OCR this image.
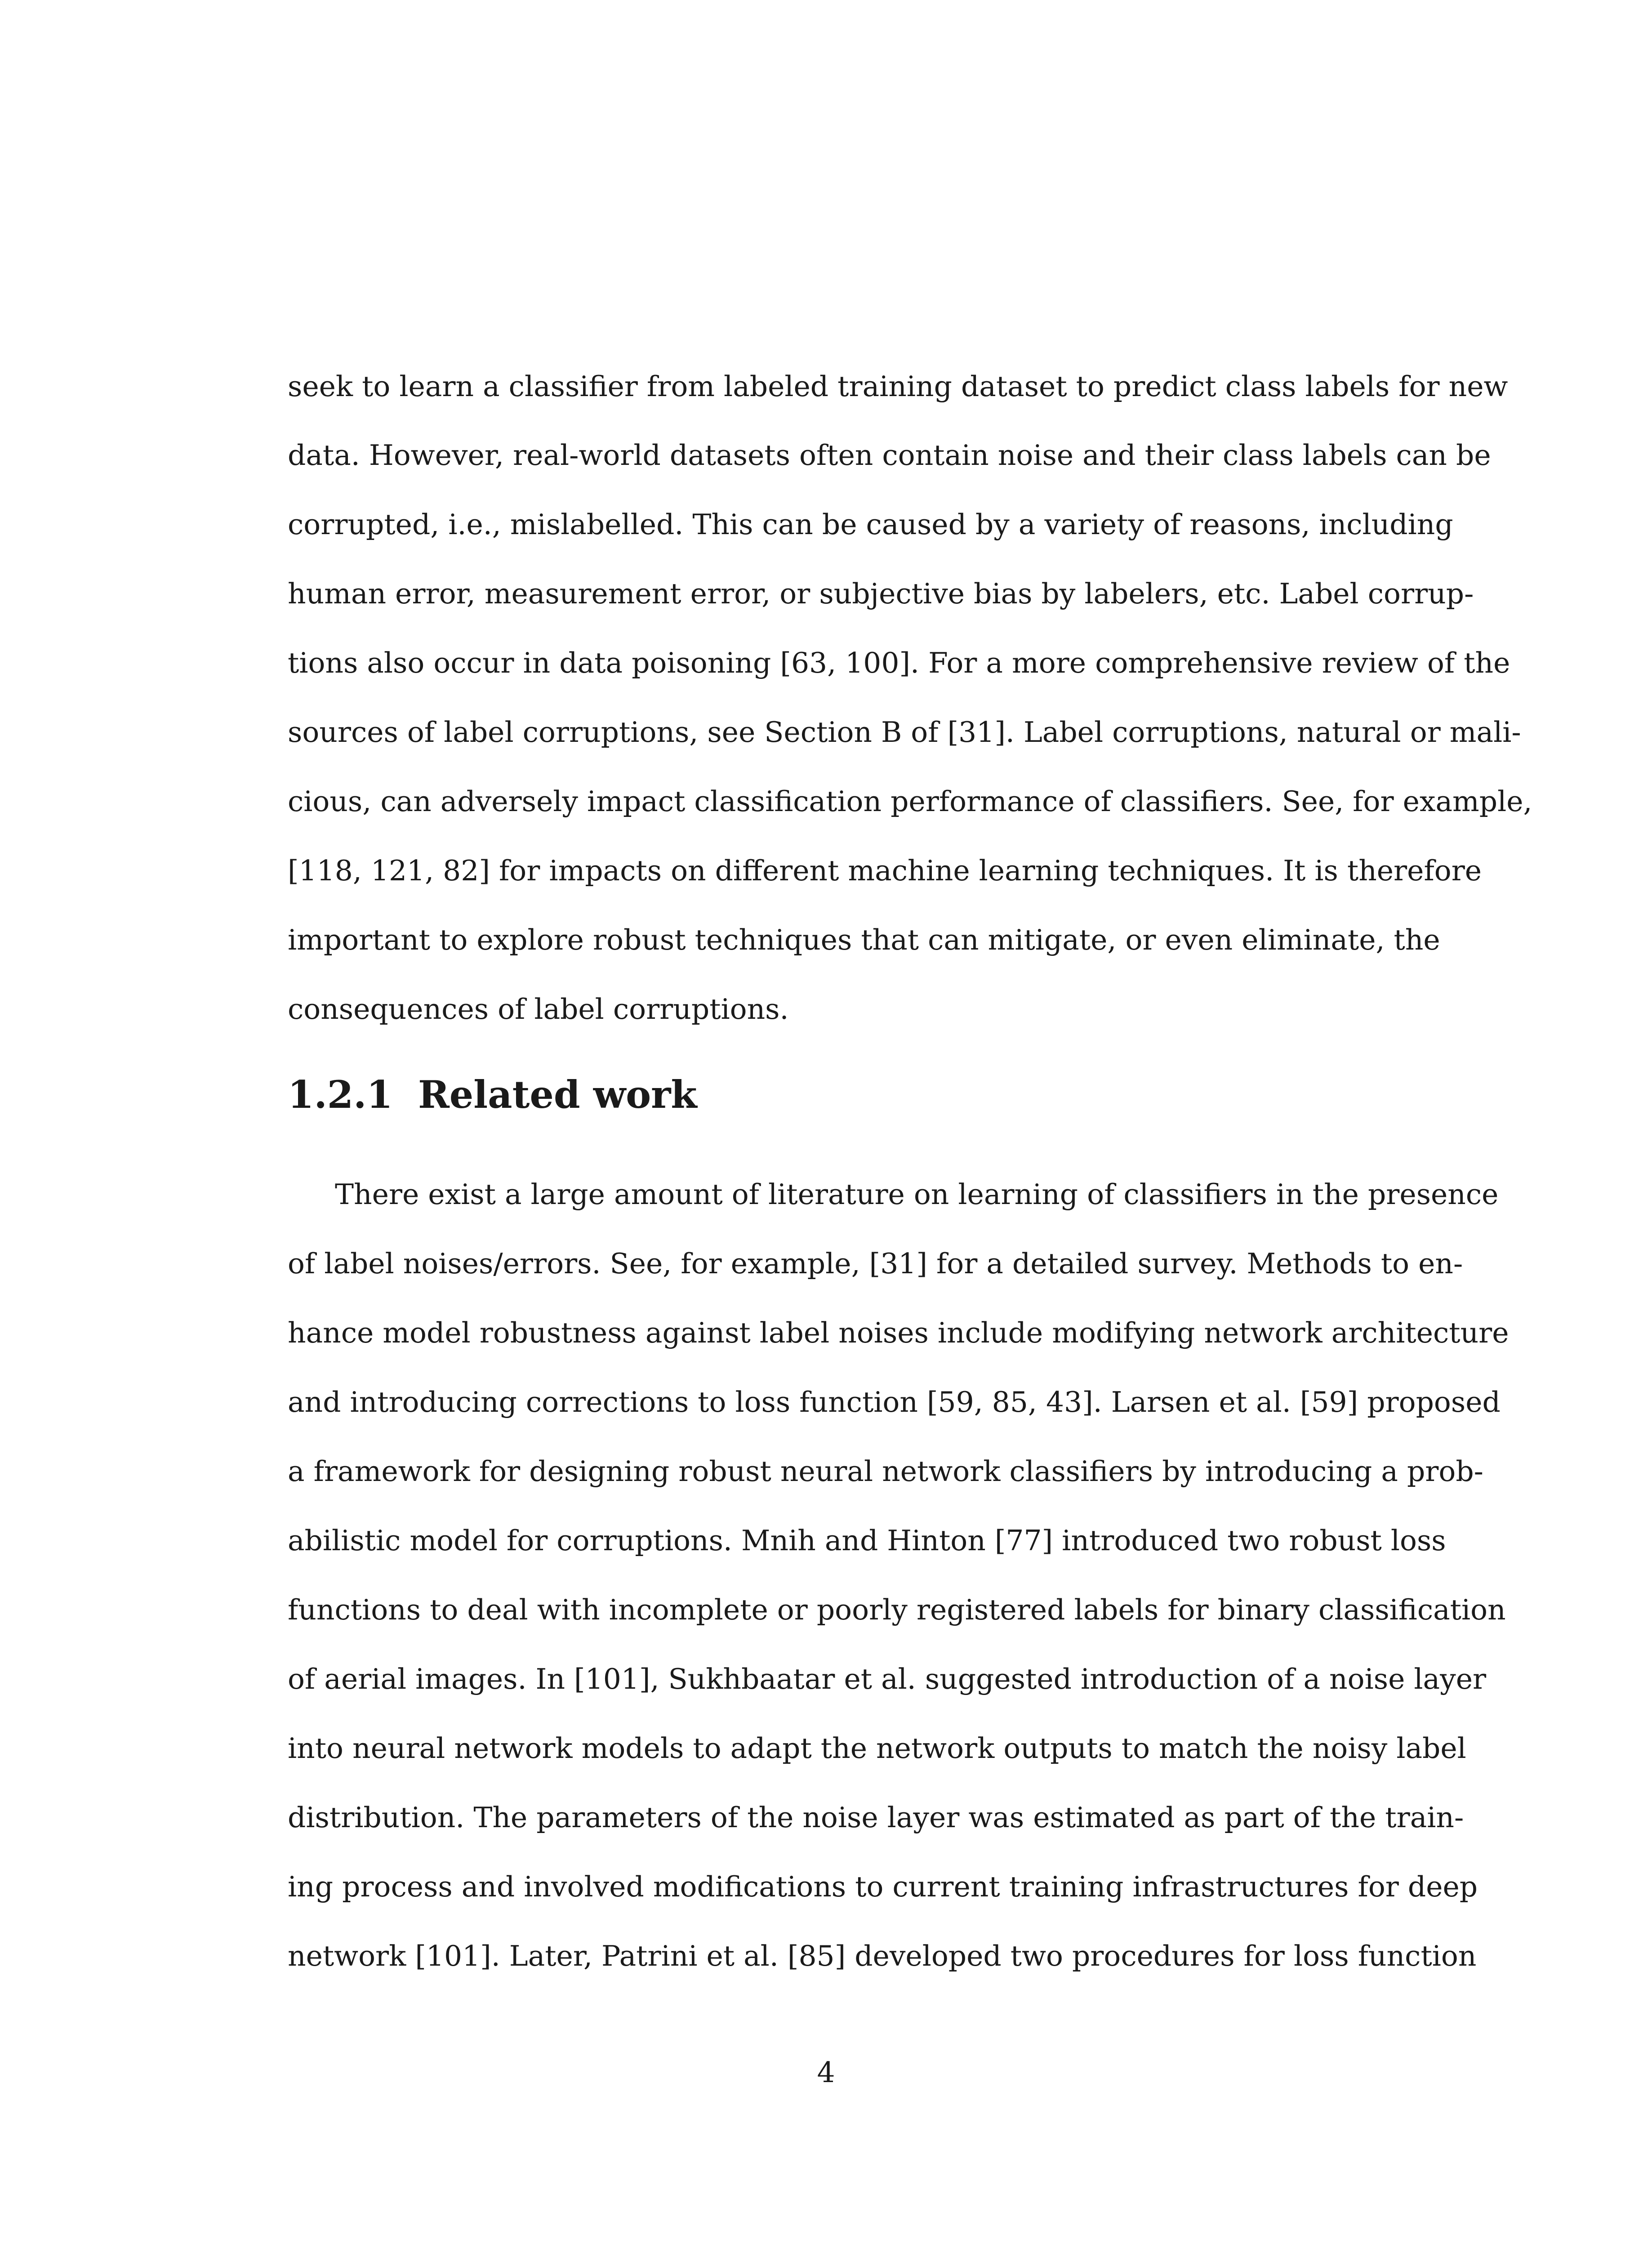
seek to learn a classifier from labeled training dataset to predict class labels for new
data. However, real-world datasets often contain noise and their class labels can be
corrupted, i.e., mislabelled. This can be caused by a variety of reasons, including
human error, measurement error, or subjective bias by labelers, etc. Label corrup-
tions also occur in data poisoning [63, 100]. For a more comprehensive review of the
sources of label corruptions, see Section B of [31]. Label corruptions, natural or mali-
cious, can adversely impact classification performance of classifiers. See, for example,
[118, 121, 82] for impacts on different machine learning techniques. It is therefore
important to explore robust techniques that can mitigate, or even eliminate, the
consequences of label corruptions.
1.2.1 Related work
There exist a large amount of literature on learning of classifiers in the presence
of label noises/errors. See, for example, [31] for a detailed survey. Methods to en-
hance model robustness against label noises include modifying network architecture
and introducing corrections to loss function [59, 85, 43]. Larsen et al. [59] proposed
a framework for designing robust neural network classifiers by introducing a prob-
abilistic model for corruptions. Mnih and Hinton [77] introduced two robust loss
functions to deal with incomplete or poorly registered labels for binary classification
of aerial images. In [101], Sukhbaatar et al. suggested introduction of a noise layer
into neural network models to adapt the network outputs to match the noisy label
distribution. The parameters of the noise layer was estimated as part of the train-
ing process and involved modifications to current training infrastructures for deep
network [101]. Later, Patrini et al. [85] developed two procedures for loss function
4
